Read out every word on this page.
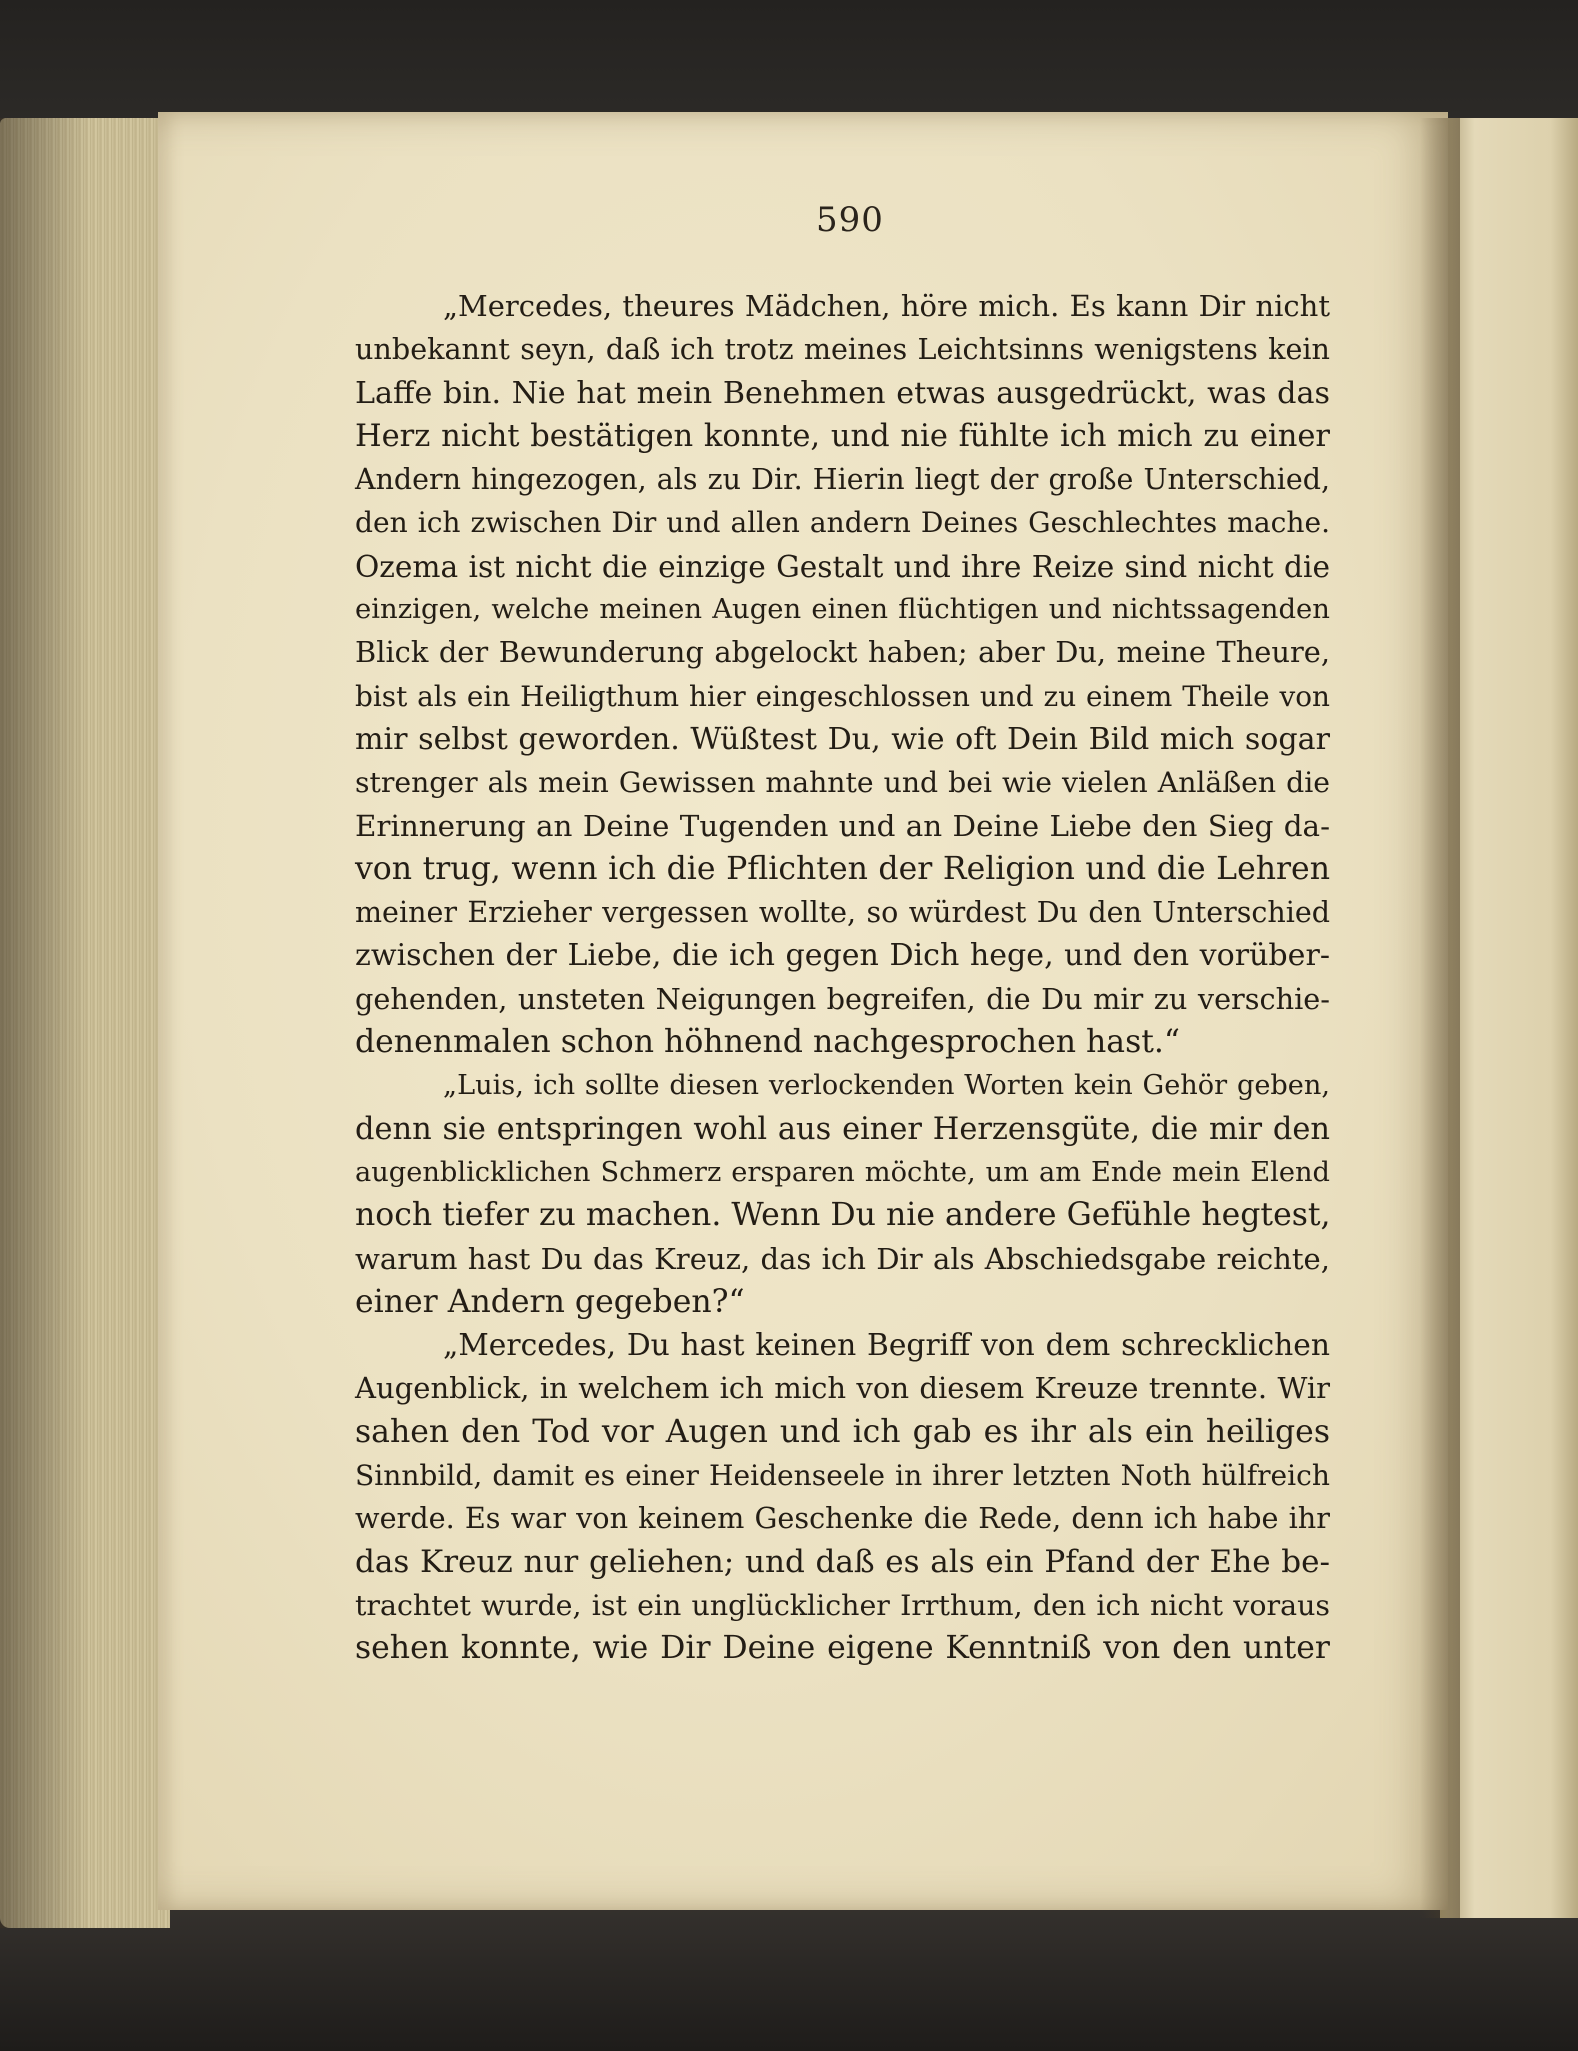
590
„Mercedes, theures Mädchen, höre mich. Es kann Dir nicht
unbekannt seyn, daß ich trotz meines Leichtsinns wenigstens kein
Laffe bin. Nie hat mein Benehmen etwas ausgedrückt, was das
Herz nicht bestätigen konnte, und nie fühlte ich mich zu einer
Andern hingezogen, als zu Dir. Hierin liegt der große Unterschied,
den ich zwischen Dir und allen andern Deines Geschlechtes mache.
Ozema ist nicht die einzige Gestalt und ihre Reize sind nicht die
einzigen, welche meinen Augen einen flüchtigen und nichtssagenden
Blick der Bewunderung abgelockt haben; aber Du, meine Theure,
bist als ein Heiligthum hier eingeschlossen und zu einem Theile von
mir selbst geworden. Wüßtest Du, wie oft Dein Bild mich sogar
strenger als mein Gewissen mahnte und bei wie vielen Anläßen die
Erinnerung an Deine Tugenden und an Deine Liebe den Sieg da-
von trug, wenn ich die Pflichten der Religion und die Lehren
meiner Erzieher vergessen wollte, so würdest Du den Unterschied
zwischen der Liebe, die ich gegen Dich hege, und den vorüber-
gehenden, unsteten Neigungen begreifen, die Du mir zu verschie-
denenmalen schon höhnend nachgesprochen hast.“
„Luis, ich sollte diesen verlockenden Worten kein Gehör geben,
denn sie entspringen wohl aus einer Herzensgüte, die mir den
augenblicklichen Schmerz ersparen möchte, um am Ende mein Elend
noch tiefer zu machen. Wenn Du nie andere Gefühle hegtest,
warum hast Du das Kreuz, das ich Dir als Abschiedsgabe reichte,
einer Andern gegeben?“
„Mercedes, Du hast keinen Begriff von dem schrecklichen
Augenblick, in welchem ich mich von diesem Kreuze trennte. Wir
sahen den Tod vor Augen und ich gab es ihr als ein heiliges
Sinnbild, damit es einer Heidenseele in ihrer letzten Noth hülfreich
werde. Es war von keinem Geschenke die Rede, denn ich habe ihr
das Kreuz nur geliehen; und daß es als ein Pfand der Ehe be-
trachtet wurde, ist ein unglücklicher Irrthum, den ich nicht voraus
sehen konnte, wie Dir Deine eigene Kenntniß von den unter
